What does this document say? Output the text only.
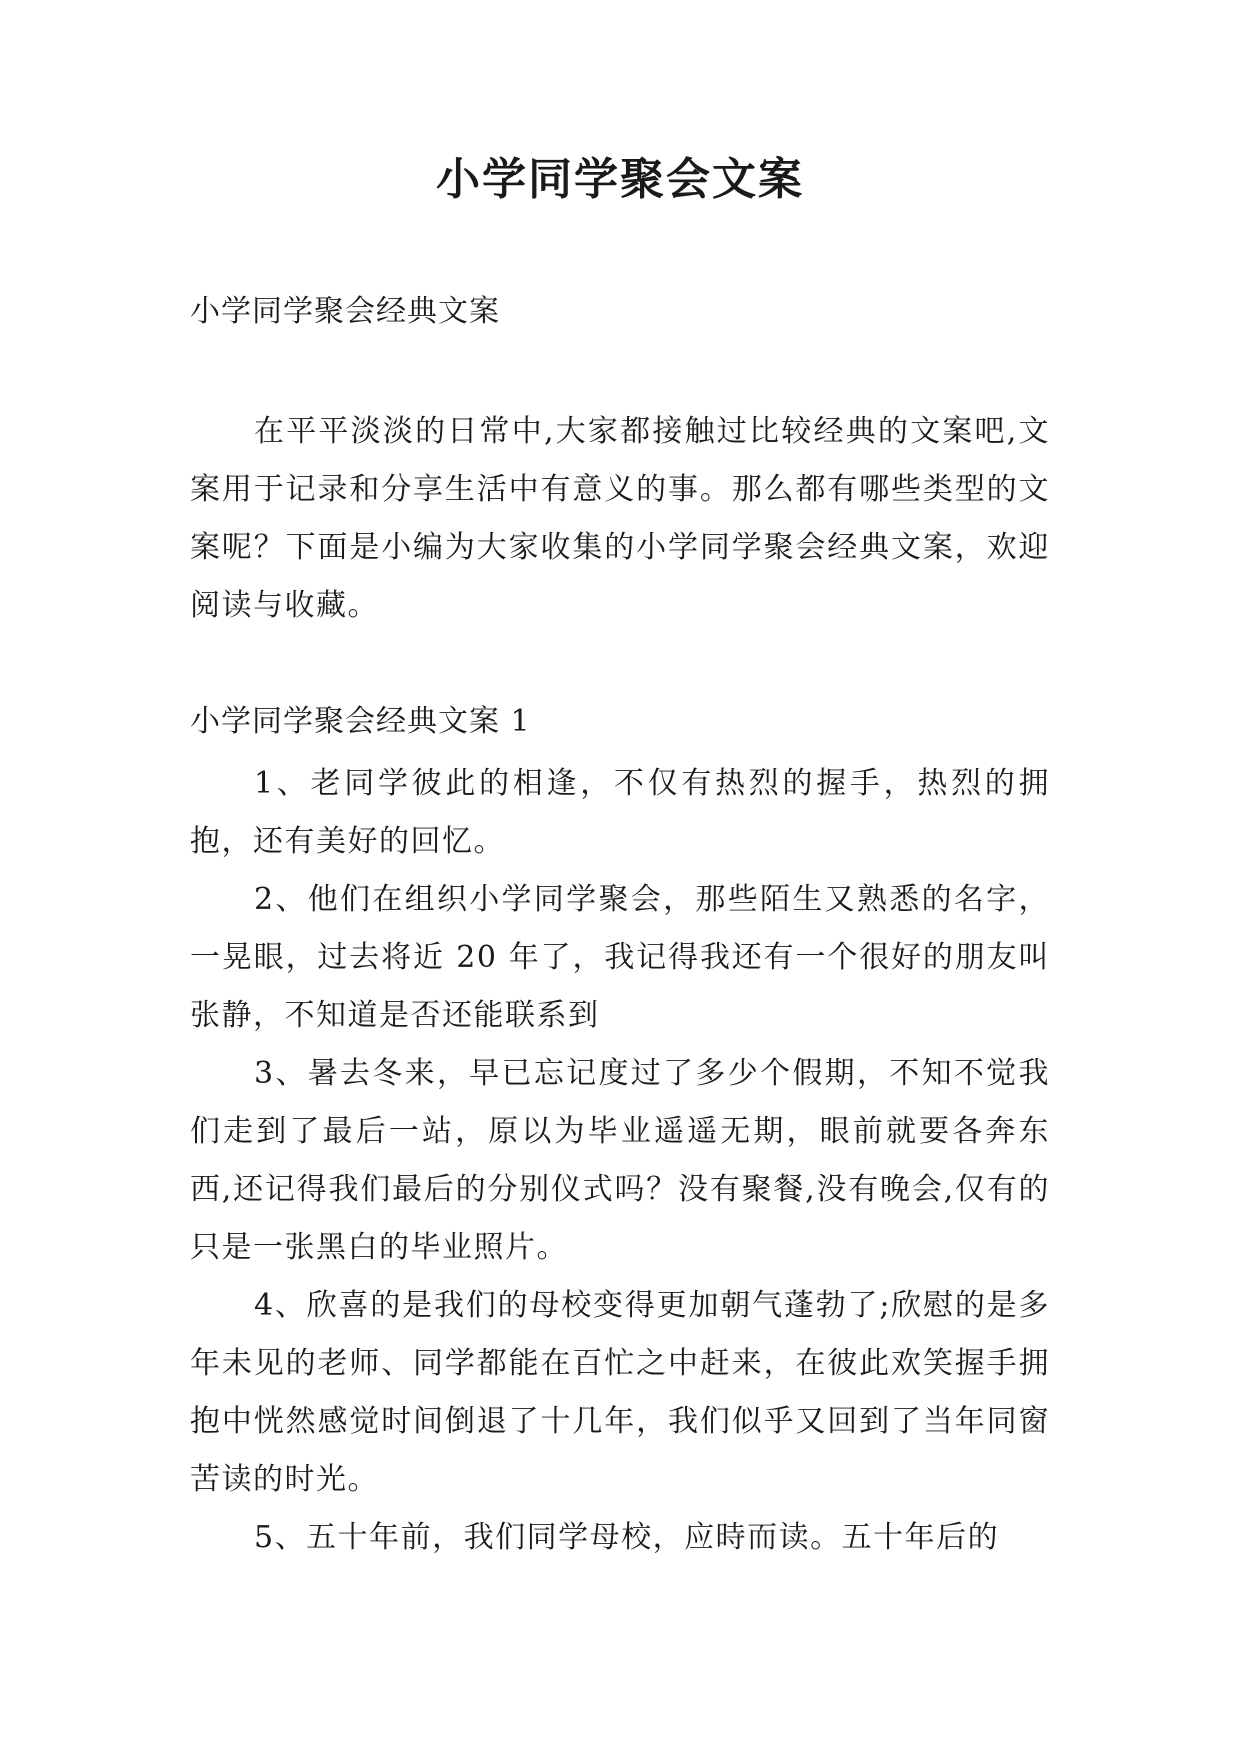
小学同学聚会文案

小学同学聚会经典文案

在平平淡淡的日常中,大家都接触过比较经典的文案吧,文案用于记录和分享生活中有意义的事。那么都有哪些类型的文案呢？下面是小编为大家收集的小学同学聚会经典文案，欢迎阅读与收藏。

小学同学聚会经典文案 1

1、老同学彼此的相逢，不仅有热烈的握手，热烈的拥抱，还有美好的回忆。

2、他们在组织小学同学聚会，那些陌生又熟悉的名字，一晃眼，过去将近 20 年了，我记得我还有一个很好的朋友叫张静，不知道是否还能联系到

3、暑去冬来，早已忘记度过了多少个假期，不知不觉我们走到了最后一站，原以为毕业遥遥无期，眼前就要各奔东西,还记得我们最后的分别仪式吗？没有聚餐,没有晚会,仅有的只是一张黑白的毕业照片。

4、欣喜的是我们的母校变得更加朝气蓬勃了;欣慰的是多年未见的老师、同学都能在百忙之中赶来，在彼此欢笑握手拥抱中恍然感觉时间倒退了十几年，我们似乎又回到了当年同窗苦读的时光。

5、五十年前，我们同学母校，应時而读。五十年后的
